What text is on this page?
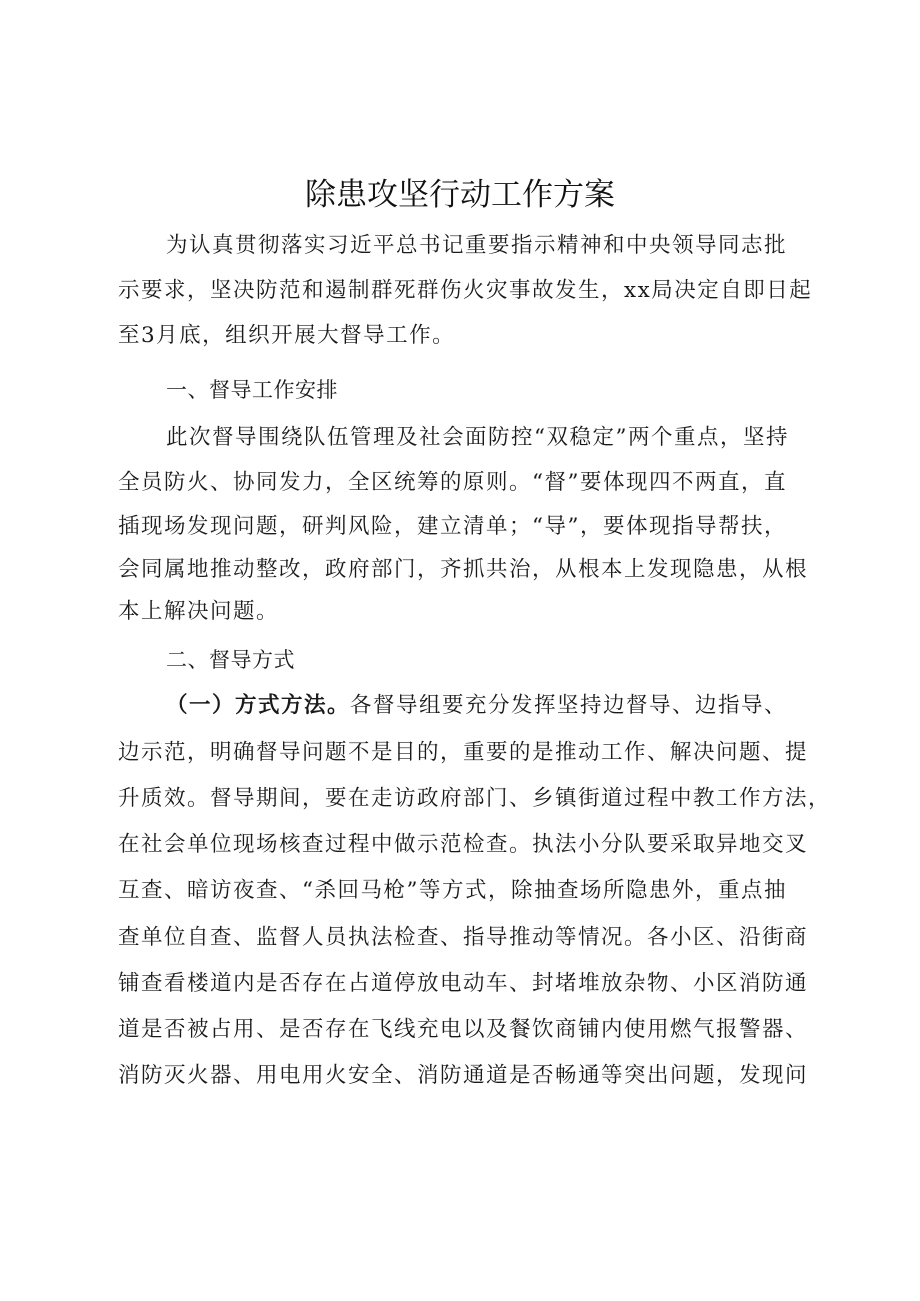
除患攻坚行动工作方案
为认真贯彻落实习近平总书记重要指示精神和中央领导同志批
示要求，坚决防范和遏制群死群伤火灾事故发生，xx局决定自即日起
至3月底，组织开展大督导工作。
一、督导工作安排
此次督导围绕队伍管理及社会面防控“双稳定”两个重点，坚持
全员防火、协同发力，全区统筹的原则。“督”要体现四不两直，直
插现场发现问题，研判风险，建立清单；“导”，要体现指导帮扶，
会同属地推动整改，政府部门，齐抓共治，从根本上发现隐患，从根
本上解决问题。
二、督导方式
（一）方式方法。各督导组要充分发挥坚持边督导、边指导、
边示范，明确督导问题不是目的，重要的是推动工作、解决问题、提
升质效。督导期间，要在走访政府部门、乡镇街道过程中教工作方法，
在社会单位现场核查过程中做示范检查。执法小分队要采取异地交叉
互查、暗访夜查、“杀回马枪”等方式，除抽查场所隐患外，重点抽
查单位自查、监督人员执法检查、指导推动等情况。各小区、沿街商
铺查看楼道内是否存在占道停放电动车、封堵堆放杂物、小区消防通
道是否被占用、是否存在飞线充电以及餐饮商铺内使用燃气报警器、
消防灭火器、用电用火安全、消防通道是否畅通等突出问题，发现问
